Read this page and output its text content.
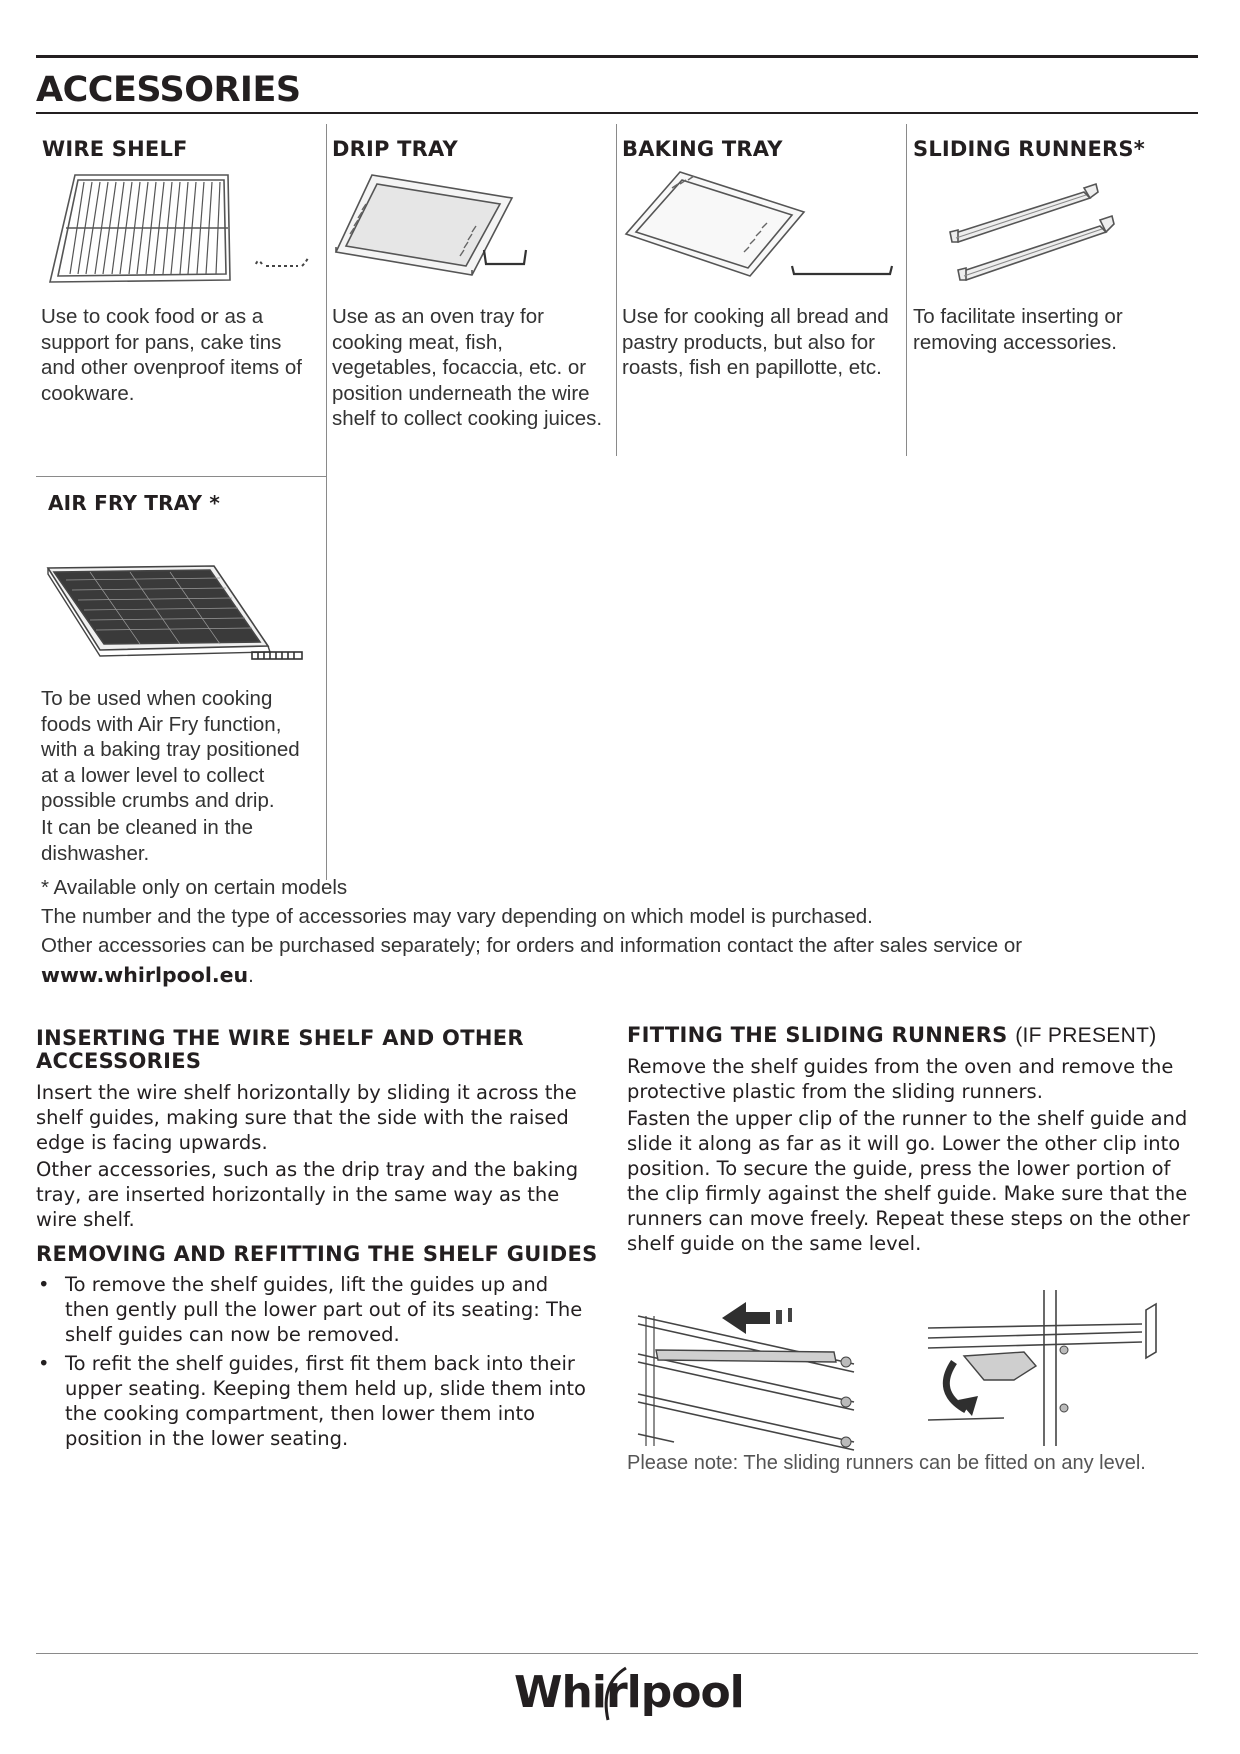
ACCESSORIES
WIRE SHELF	DRIP TRAY	BAKING TRAY	SLIDING RUNNERS*

Use to cook food or as a support for pans, cake tins and other ovenproof items of cookware.

Use as an oven tray for cooking meat, fish, vegetables, focaccia, etc. or position underneath the wire shelf to collect cooking juices.

Use for cooking all bread and pastry products, but also for roasts, fish en papillotte, etc.

To facilitate inserting or removing accessories.

AIR FRY TRAY *

To be used when cooking foods with Air Fry function, with a baking tray positioned at a lower level to collect possible crumbs and drip.

It can be cleaned in the dishwasher.

* Available only on certain models

The number and the type of accessories may vary depending on which model is purchased.

Other accessories can be purchased separately; for orders and information contact the after sales service or

www.whirlpool.eu.

INSERTING THE WIRE SHELF AND OTHER ACCESSORIES

Insert the wire shelf horizontally by sliding it across the shelf guides, making sure that the side with the raised edge is facing upwards.

Other accessories, such as the drip tray and the baking tray, are inserted horizontally in the same way as the wire shelf.

REMOVING AND REFITTING THE SHELF GUIDES
• To remove the shelf guides, lift the guides up and then gently pull the lower part out of its seating: The shelf guides can now be removed.
• To refit the shelf guides, first fit them back into their upper seating. Keeping them held up, slide them into the cooking compartment, then lower them into position in the lower seating.
FITTING THE SLIDING RUNNERS (IF PRESENT)

Remove the shelf guides from the oven and remove the protective plastic from the sliding runners.

Fasten the upper clip of the runner to the shelf guide and slide it along as far as it will go. Lower the other clip into position. To secure the guide, press the lower portion of the clip firmly against the shelf guide. Make sure that the runners can move freely. Repeat these steps on the other shelf guide on the same level.

Please note: The sliding runners can be fitted on any level.

Whirlpool
